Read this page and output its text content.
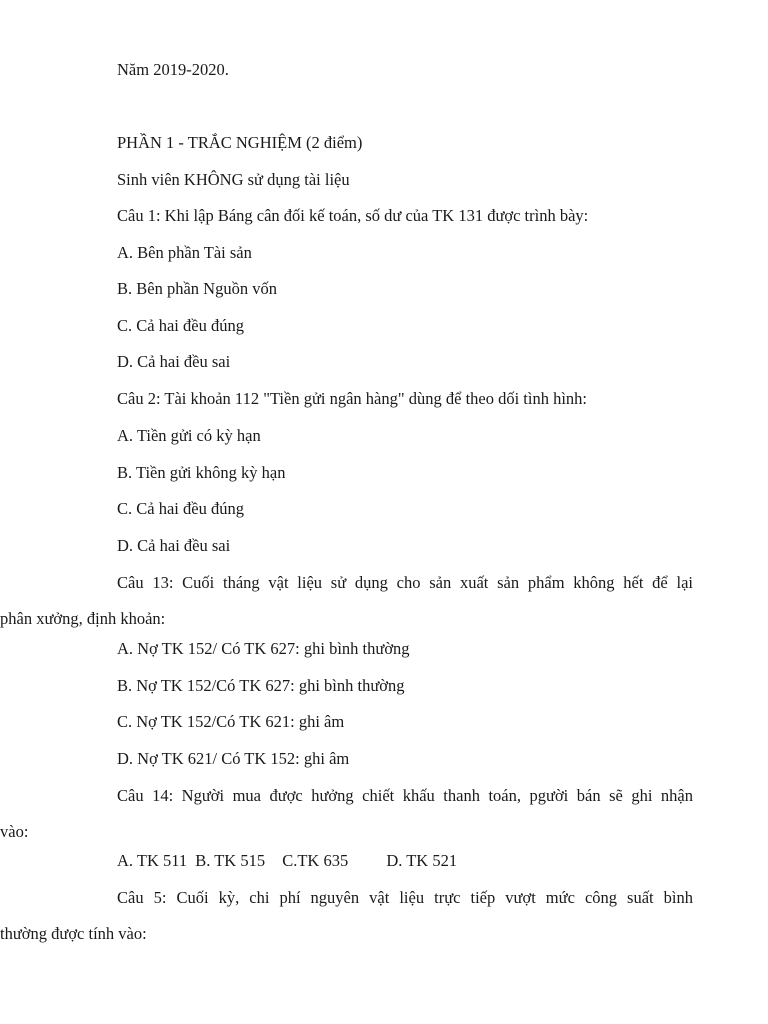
Năm 2019-2020.
PHẦN 1 - TRẮC NGHIỆM (2 điểm)
Sinh viên KHÔNG sử dụng tài liệu
Câu 1: Khi lập Báng cân đối kế toán, số dư của TK 131 được trình bày:
A. Bên phần Tài sản
B. Bên phần Nguồn vốn
C. Cả hai đều đúng
D. Cả hai đều sai
Câu 2: Tài khoản 112 "Tiền gửi ngân hàng" dùng để theo dối tình hình:
A. Tiền gửi có kỳ hạn
B. Tiền gửi không kỳ hạn
C. Cả hai đều đúng
D. Cả hai đều sai
Câu 13: Cuối tháng vật liệu sử dụng cho sản xuất sản phẩm không hết để lại
phân xưởng, định khoản:
A. Nợ TK 152/ Có TK 627: ghi bình thường
B. Nợ TK 152/Có TK 627: ghi bình thường
C. Nợ TK 152/Có TK 621: ghi âm
D. Nợ TK 621/ Có TK 152: ghi âm
Câu 14: Người mua được hưởng chiết khấu thanh toán, pgười bán sẽ ghi nhận
vào:
A. TK 511 B. TK 515 C.TK 635 D. TK 521
Câu 5: Cuối kỳ, chi phí nguyên vật liệu trực tiếp vượt mức công suất bình
thường được tính vào:
